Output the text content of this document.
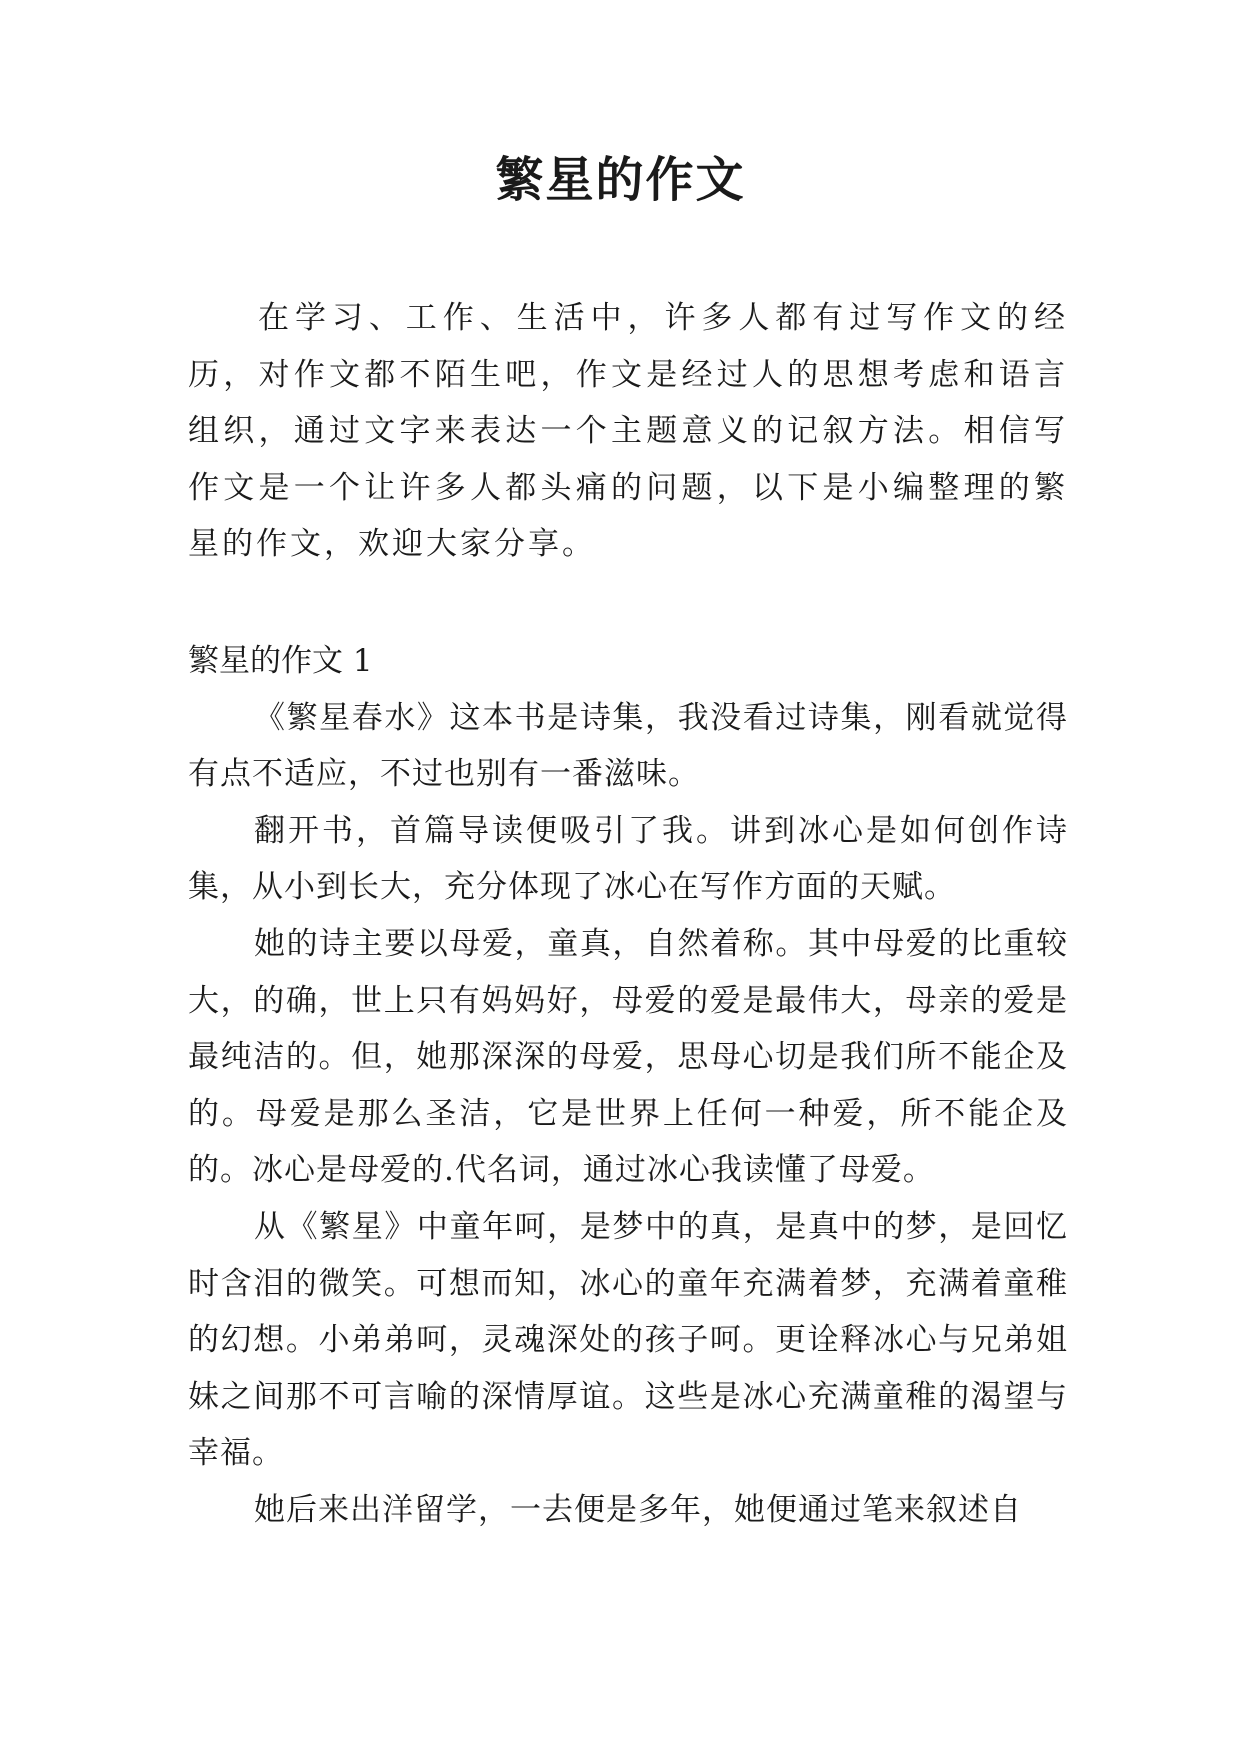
繁星的作文

在学习、工作、生活中，许多人都有过写作文的经历，对作文都不陌生吧，作文是经过人的思想考虑和语言组织，通过文字来表达一个主题意义的记叙方法。相信写作文是一个让许多人都头痛的问题，以下是小编整理的繁星的作文，欢迎大家分享。

繁星的作文 1

《繁星春水》这本书是诗集，我没看过诗集，刚看就觉得有点不适应，不过也别有一番滋味。

翻开书，首篇导读便吸引了我。讲到冰心是如何创作诗集，从小到长大，充分体现了冰心在写作方面的天赋。

她的诗主要以母爱，童真，自然着称。其中母爱的比重较大，的确，世上只有妈妈好，母爱的爱是最伟大，母亲的爱是最纯洁的。但，她那深深的母爱，思母心切是我们所不能企及的。母爱是那么圣洁，它是世界上任何一种爱，所不能企及的。冰心是母爱的.代名词，通过冰心我读懂了母爱。

从《繁星》中童年呵，是梦中的真，是真中的梦，是回忆时含泪的微笑。可想而知，冰心的童年充满着梦，充满着童稚的幻想。小弟弟呵，灵魂深处的孩子呵。更诠释冰心与兄弟姐妹之间那不可言喻的深情厚谊。这些是冰心充满童稚的渴望与幸福。

她后来出洋留学，一去便是多年，她便通过笔来叙述自
